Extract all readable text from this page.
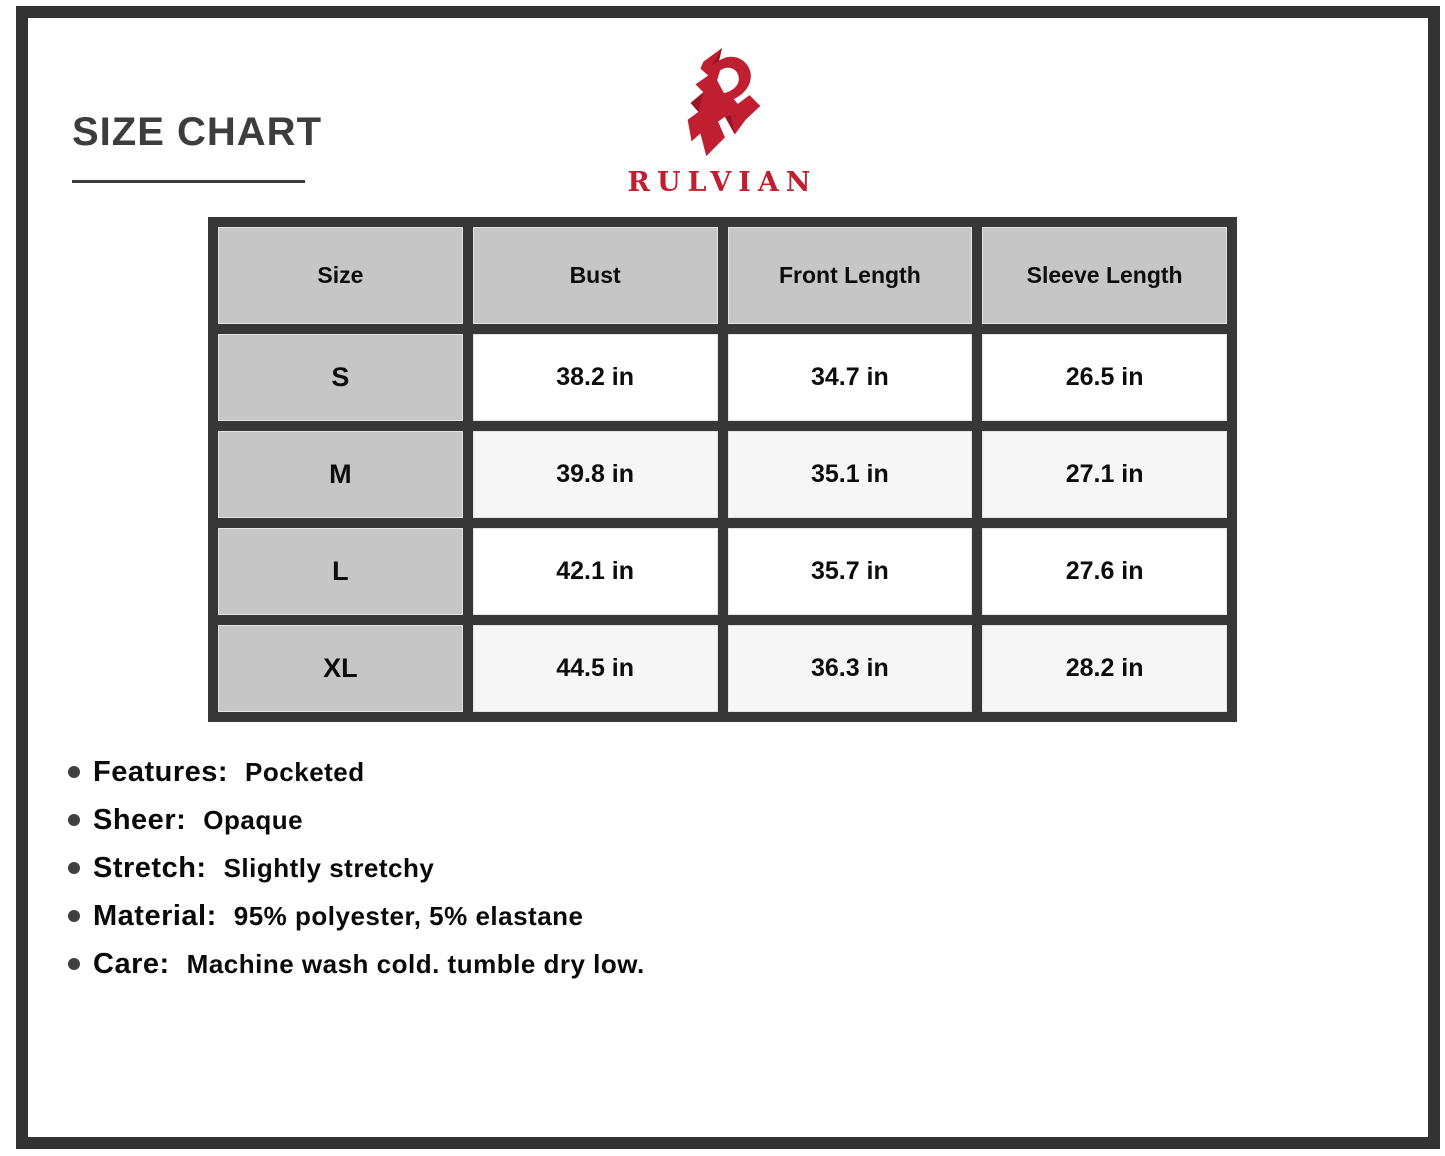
SIZE CHART
RULVIAN
Size	Bust	Front Length	Sleeve Length
S	38.2 in	34.7 in	26.5 in
M	39.8 in	35.1 in	27.1 in
L	42.1 in	35.7 in	27.6 in
XL	44.5 in	36.3 in	28.2 in
Features: Pocketed
Sheer: Opaque
Stretch: Slightly stretchy
Material: 95% polyester, 5% elastane
Care: Machine wash cold. tumble dry low.
